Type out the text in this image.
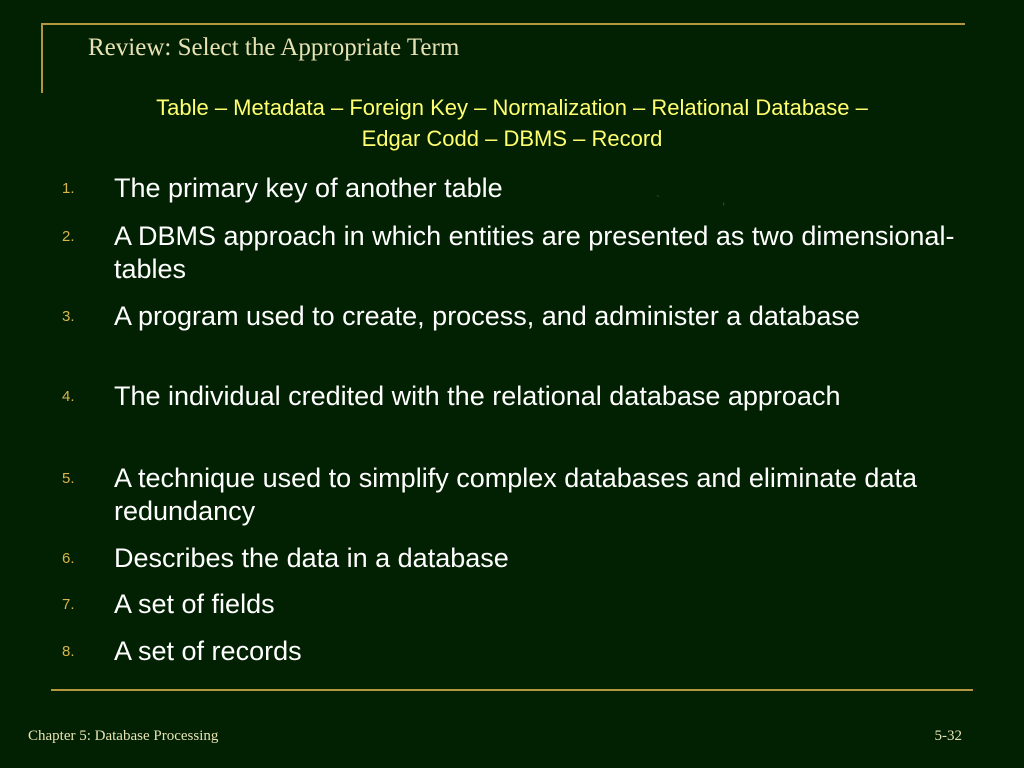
Review: Select the Appropriate Term
Table – Metadata – Foreign Key – Normalization – Relational Database –
Edgar Codd – DBMS – Record
`,
1. The primary key of another table
2. A DBMS approach in which entities are presented as two dimensional-tables
3. A program used to create, process, and administer a database
4. The individual credited with the relational database approach
5. A technique used to simplify complex databases and eliminate data redundancy
6. Describes the data in a database
7. A set of fields
8. A set of records
Chapter 5: Database Processing	5-32
